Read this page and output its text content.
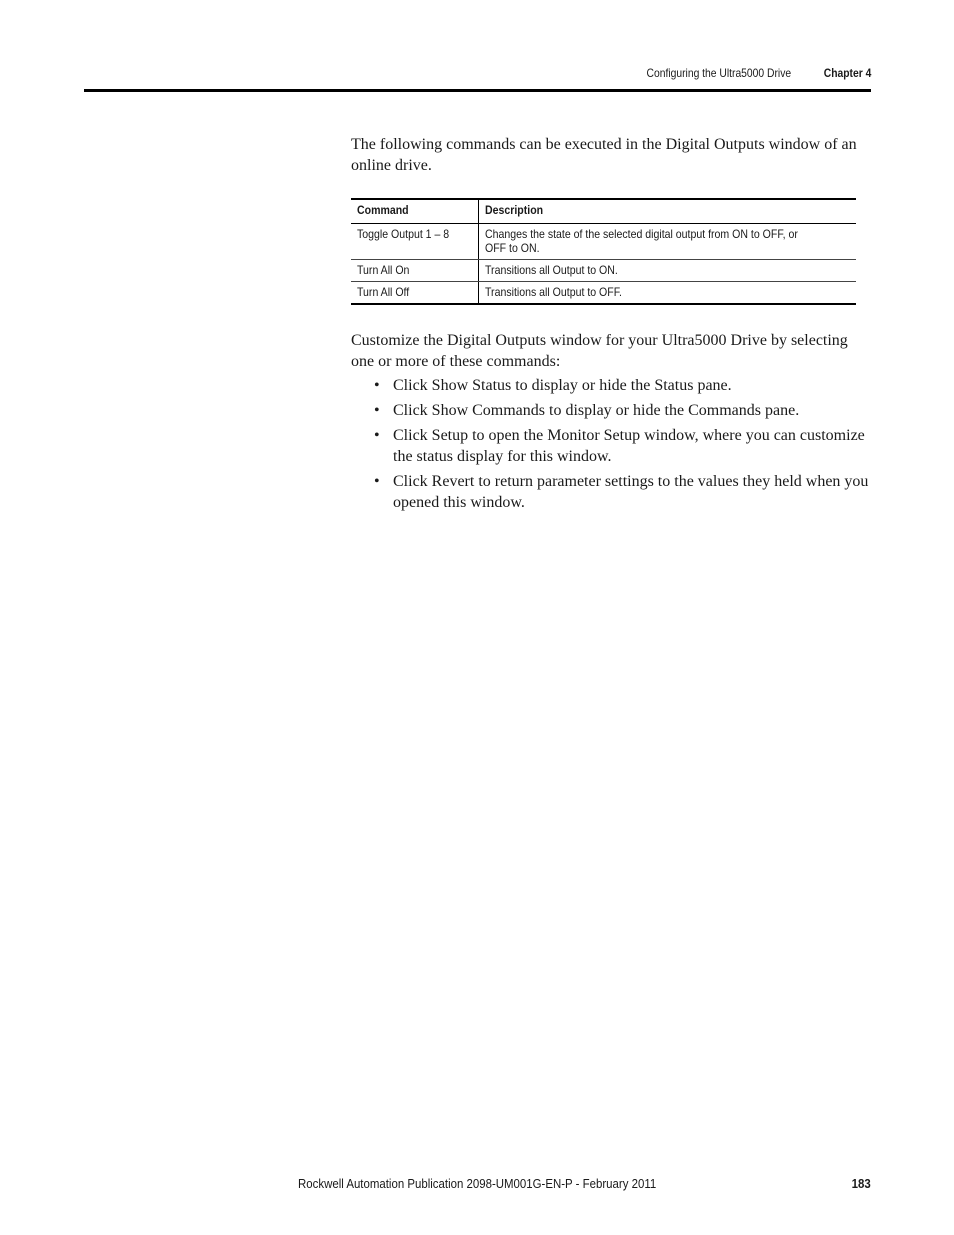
Configuring the Ultra5000 Drive	Chapter 4

The following commands can be executed in the Digital Outputs window of an online drive.

Command	Description

Toggle Output 1 – 8	Changes the state of the selected digital output from ON to OFF, or OFF to ON.

Turn All On	Transitions all Output to ON.

Turn All Off	Transitions all Output to OFF.

Customize the Digital Outputs window for your Ultra5000 Drive by selecting one or more of these commands:

• Click Show Status to display or hide the Status pane.
• Click Show Commands to display or hide the Commands pane.
• Click Setup to open the Monitor Setup window, where you can customize the status display for this window.
• Click Revert to return parameter settings to the values they held when you opened this window.
Rockwell Automation Publication 2098-UM001G-EN-P - February 2011	183
